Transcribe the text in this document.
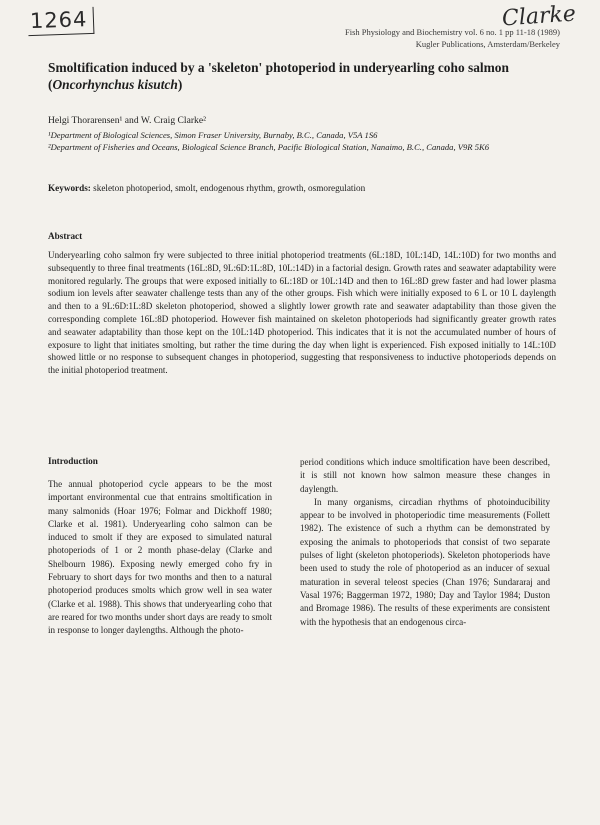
1264	Clarke
Fish Physiology and Biochemistry vol. 6 no. 1 pp 11-18 (1989)
Kugler Publications, Amsterdam/Berkeley
Smoltification induced by a 'skeleton' photoperiod in underyearling coho salmon (Oncorhynchus kisutch)
Helgi Thorarensen¹ and W. Craig Clarke²
¹Department of Biological Sciences, Simon Fraser University, Burnaby, B.C., Canada, V5A 1S6
²Department of Fisheries and Oceans, Biological Science Branch, Pacific Biological Station, Nanaimo, B.C., Canada, V9R 5K6
Keywords: skeleton photoperiod, smolt, endogenous rhythm, growth, osmoregulation
Abstract

Underyearling coho salmon fry were subjected to three initial photoperiod treatments (6L:18D, 10L:14D, 14L:10D) for two months and subsequently to three final treatments (16L:8D, 9L:6D:1L:8D, 10L:14D) in a factorial design. Growth rates and seawater adaptability were monitored regularly. The groups that were exposed initially to 6L:18D or 10L:14D and then to 16L:8D grew faster and had lower plasma sodium ion levels after seawater challenge tests than any of the other groups. Fish which were initially exposed to 6 L or 10 L daylength and then to a 9L:6D:1L:8D skeleton photoperiod, showed a slightly lower growth rate and seawater adaptability than those given the corresponding complete 16L:8D photoperiod. However fish maintained on skeleton photoperiods had significantly greater growth rates and seawater adaptability than those kept on the 10L:14D photoperiod. This indicates that it is not the accumulated number of hours of exposure to light that initiates smolting, but rather the time during the day when light is experienced. Fish exposed initially to 14L:10D showed little or no response to subsequent changes in photoperiod, suggesting that responsiveness to inductive photoperiods depends on the initial photoperiod treatment.

Introduction

The annual photoperiod cycle appears to be the most important environmental cue that entrains smoltification in many salmonids (Hoar 1976; Folmar and Dickhoff 1980; Clarke et al. 1981). Underyearling coho salmon can be induced to smolt if they are exposed to simulated natural photoperiods of 1 or 2 month phase-delay (Clarke and Shelbourn 1986). Exposing newly emerged coho fry in February to short days for two months and then to a natural photoperiod produces smolts which grow well in sea water (Clarke et al. 1988). This shows that underyearling coho that are reared for two months under short days are ready to smolt in response to longer daylengths. Although the photo-

period conditions which induce smoltification have been described, it is still not known how salmon measure these changes in daylength.

In many organisms, circadian rhythms of photoinducibility appear to be involved in photoperiodic time measurements (Follett 1982). The existence of such a rhythm can be demonstrated by exposing the animals to photoperiods that consist of two separate pulses of light (skeleton photoperiods). Skeleton photoperiods have been used to study the role of photoperiod as an inducer of sexual maturation in several teleost species (Chan 1976; Sundararaj and Vasal 1976; Baggerman 1972, 1980; Day and Taylor 1984; Duston and Bromage 1986). The results of these experiments are consistent with the hypothesis that an endogenous circa-
